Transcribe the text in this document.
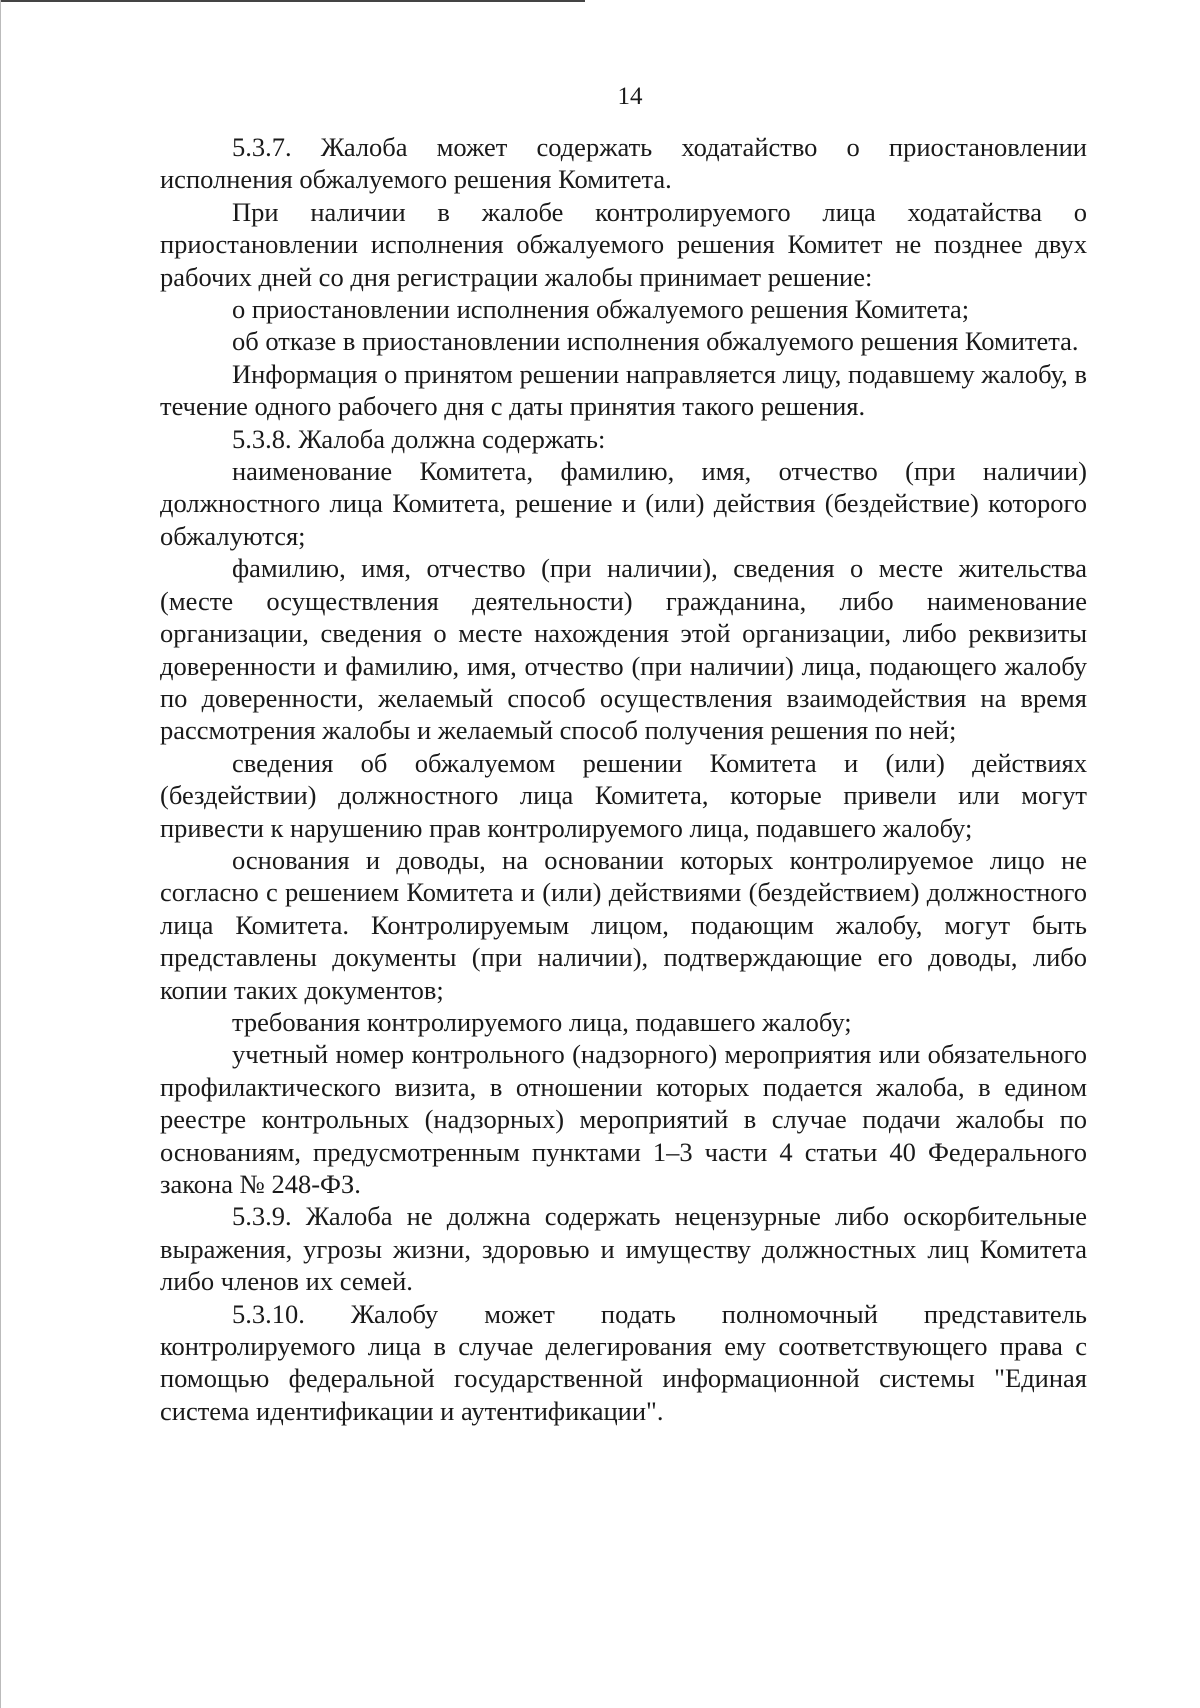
14

5.3.7. Жалоба может содержать ходатайство о приостановлении исполнения обжалуемого решения Комитета.

При наличии в жалобе контролируемого лица ходатайства о приостановлении исполнения обжалуемого решения Комитет не позднее двух рабочих дней со дня регистрации жалобы принимает решение:

о приостановлении исполнения обжалуемого решения Комитета;

об отказе в приостановлении исполнения обжалуемого решения Комитета.

Информация о принятом решении направляется лицу, подавшему жалобу, в течение одного рабочего дня с даты принятия такого решения.

5.3.8. Жалоба должна содержать:

наименование Комитета, фамилию, имя, отчество (при наличии) должностного лица Комитета, решение и (или) действия (бездействие) которого обжалуются;

фамилию, имя, отчество (при наличии), сведения о месте жительства (месте осуществления деятельности) гражданина, либо наименование организации, сведения о месте нахождения этой организации, либо реквизиты доверенности и фамилию, имя, отчество (при наличии) лица, подающего жалобу по доверенности, желаемый способ осуществления взаимодействия на время рассмотрения жалобы и желаемый способ получения решения по ней;

сведения об обжалуемом решении Комитета и (или) действиях (бездействии) должностного лица Комитета, которые привели или могут привести к нарушению прав контролируемого лица, подавшего жалобу;

основания и доводы, на основании которых контролируемое лицо не согласно с решением Комитета и (или) действиями (бездействием) должностного лица Комитета. Контролируемым лицом, подающим жалобу, могут быть представлены документы (при наличии), подтверждающие его доводы, либо копии таких документов;

требования контролируемого лица, подавшего жалобу;

учетный номер контрольного (надзорного) мероприятия или обязательного профилактического визита, в отношении которых подается жалоба, в едином реестре контрольных (надзорных) мероприятий в случае подачи жалобы по основаниям, предусмотренным пунктами 1–3 части 4 статьи 40 Федерального закона № 248-ФЗ.

5.3.9. Жалоба не должна содержать нецензурные либо оскорбительные выражения, угрозы жизни, здоровью и имуществу должностных лиц Комитета либо членов их семей.

5.3.10. Жалобу может подать полномочный представитель контролируемого лица в случае делегирования ему соответствующего права с помощью федеральной государственной информационной системы "Единая система идентификации и аутентификации".
